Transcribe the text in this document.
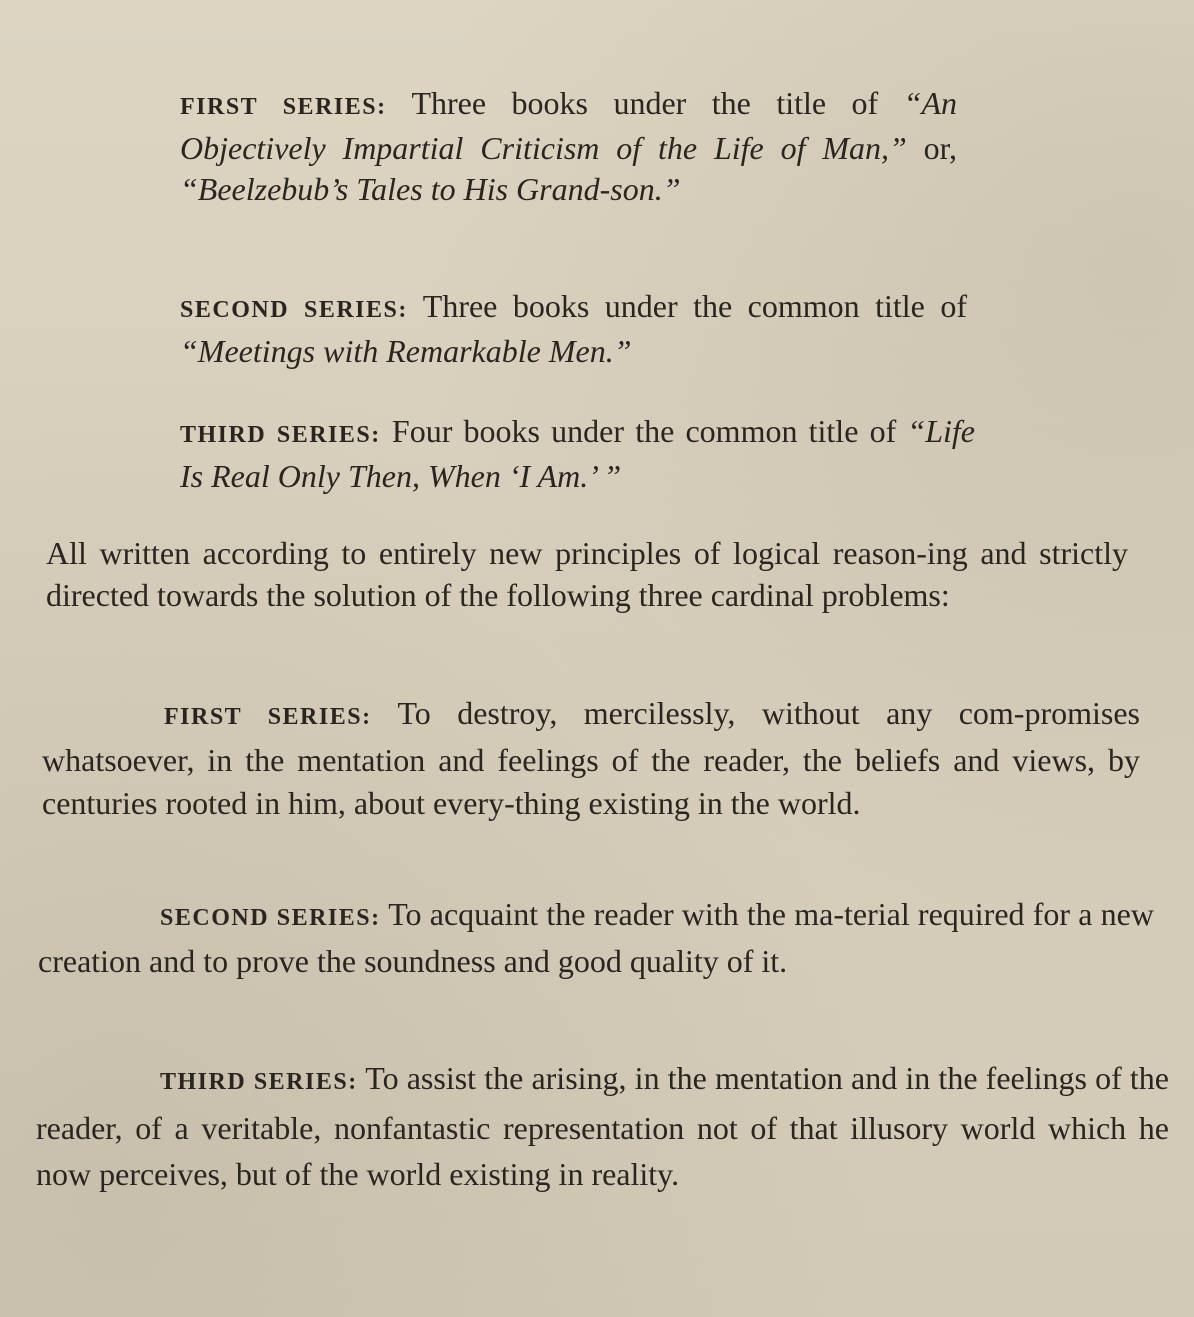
FIRST SERIES: Three books under the title of “An Objectively Impartial Criticism of the Life of Man,” or, “Beelzebub’s Tales to His Grand-son.”

SECOND SERIES: Three books under the common title of “Meetings with Remarkable Men.”

THIRD SERIES: Four books under the common title of “Life Is Real Only Then, When ‘I Am.’ ”

All written according to entirely new principles of logical reason-ing and strictly directed towards the solution of the following three cardinal problems:

FIRST SERIES: To destroy, mercilessly, without any com-promises whatsoever, in the mentation and feelings of the reader, the beliefs and views, by centuries rooted in him, about every-thing existing in the world.

SECOND SERIES: To acquaint the reader with the ma-terial required for a new creation and to prove the soundness and good quality of it.

THIRD SERIES: To assist the arising, in the mentation and in the feelings of the reader, of a veritable, nonfantastic representation not of that illusory world which he now perceives, but of the world existing in reality.
